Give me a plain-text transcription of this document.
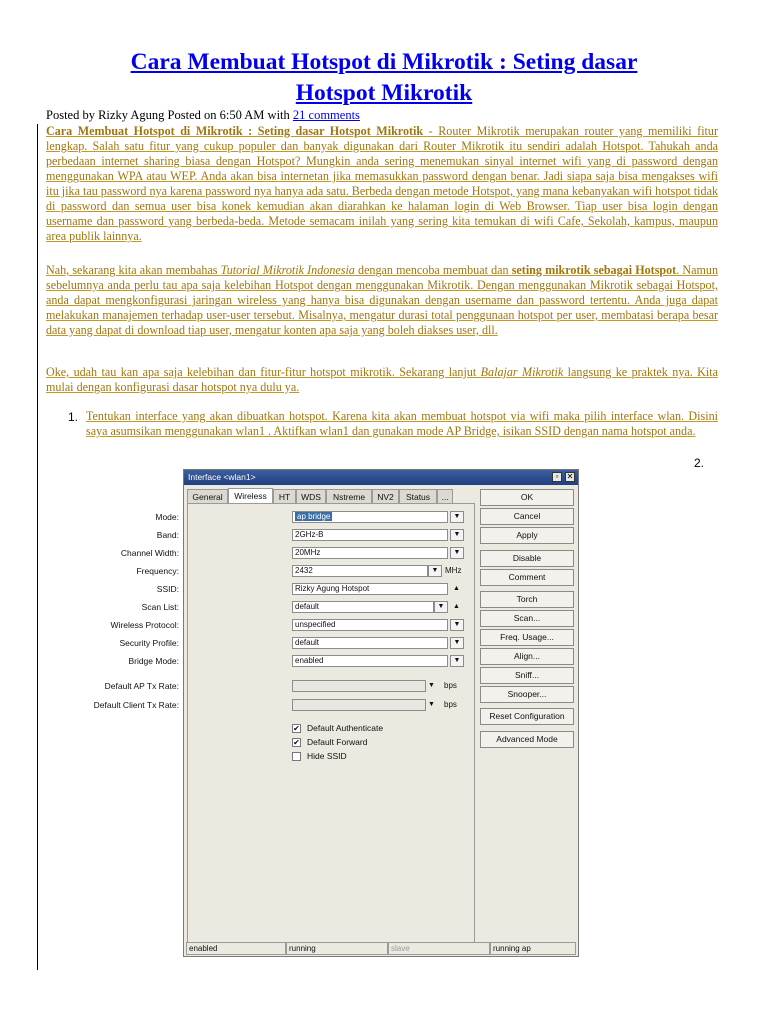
Cara Membuat Hotspot di Mikrotik : Seting dasar
Hotspot Mikrotik
Posted by Rizky Agung Posted on 6:50 AM with 21 comments
Cara Membuat Hotspot di Mikrotik : Seting dasar Hotspot Mikrotik - Router Mikrotik merupakan router yang memiliki fitur lengkap. Salah satu fitur yang cukup populer dan banyak digunakan dari Router Mikrotik itu sendiri adalah Hotspot. Tahukah anda perbedaan internet sharing biasa dengan Hotspot? Mungkin anda sering menemukan sinyal internet wifi yang di password dengan menggunakan WPA atau WEP. Anda akan bisa internetan jika memasukkan password dengan benar. Jadi siapa saja bisa mengakses wifi itu jika tau password nya karena password nya hanya ada satu. Berbeda dengan metode Hotspot, yang mana kebanyakan wifi hotspot tidak di password dan semua user bisa konek kemudian akan diarahkan ke halaman login di Web Browser. Tiap user bisa login dengan username dan password yang berbeda-beda. Metode semacam inilah yang sering kita temukan di wifi Cafe, Sekolah, kampus, maupun area publik lainnya.
Nah, sekarang kita akan membahas Tutorial Mikrotik Indonesia dengan mencoba membuat dan seting mikrotik sebagai Hotspot. Namun sebelumnya anda perlu tau apa saja kelebihan Hotspot dengan menggunakan Mikrotik. Dengan menggunakan Mikrotik sebagai Hotspot, anda dapat mengkonfigurasi jaringan wireless yang hanya bisa digunakan dengan username dan password tertentu. Anda juga dapat melakukan manajemen terhadap user-user tersebut. Misalnya, mengatur durasi total penggunaan hotspot per user, membatasi berapa besar data yang dapat di download tiap user, mengatur konten apa saja yang boleh diakses user, dll.
Oke, udah tau kan apa saja kelebihan dan fitur-fitur hotspot mikrotik. Sekarang lanjut Balajar Mikrotik langsung ke praktek nya. Kita mulai dengan konfigurasi dasar hotspot nya dulu ya.
1. Tentukan interface yang akan dibuatkan hotspot. Karena kita akan membuat hotspot via wifi maka pilih interface wlan. Disini saya asumsikan menggunakan wlan1 . Aktifkan wlan1 dan gunakan mode AP Bridge, isikan SSID dengan nama hotspot anda.
2.
Interface <wlan1>	▫	✕
General	Wireless	HT	WDS	Nstreme	NV2	Status	...
Mode:	ap bridge	▼
Band:	2GHz-B	▼
Channel Width:	20MHz	▼
Frequency:	2432	▼ MHz
SSID:	Rizky Agung Hotspot	▲
Scan List:	default	▼	▲
Wireless Protocol:	unspecified	▼
Security Profile:	default	▼
Bridge Mode:	enabled	▼
Default AP Tx Rate:	▼ bps
Default Client Tx Rate:	▼ bps
✔ Default Authenticate
✔ Default Forward
Hide SSID
OK
Cancel
Apply
Disable
Comment
Torch
Scan...
Freq. Usage...
Align...
Sniff...
Snooper...
Reset Configuration
Advanced Mode
enabled	running	slave	running ap
